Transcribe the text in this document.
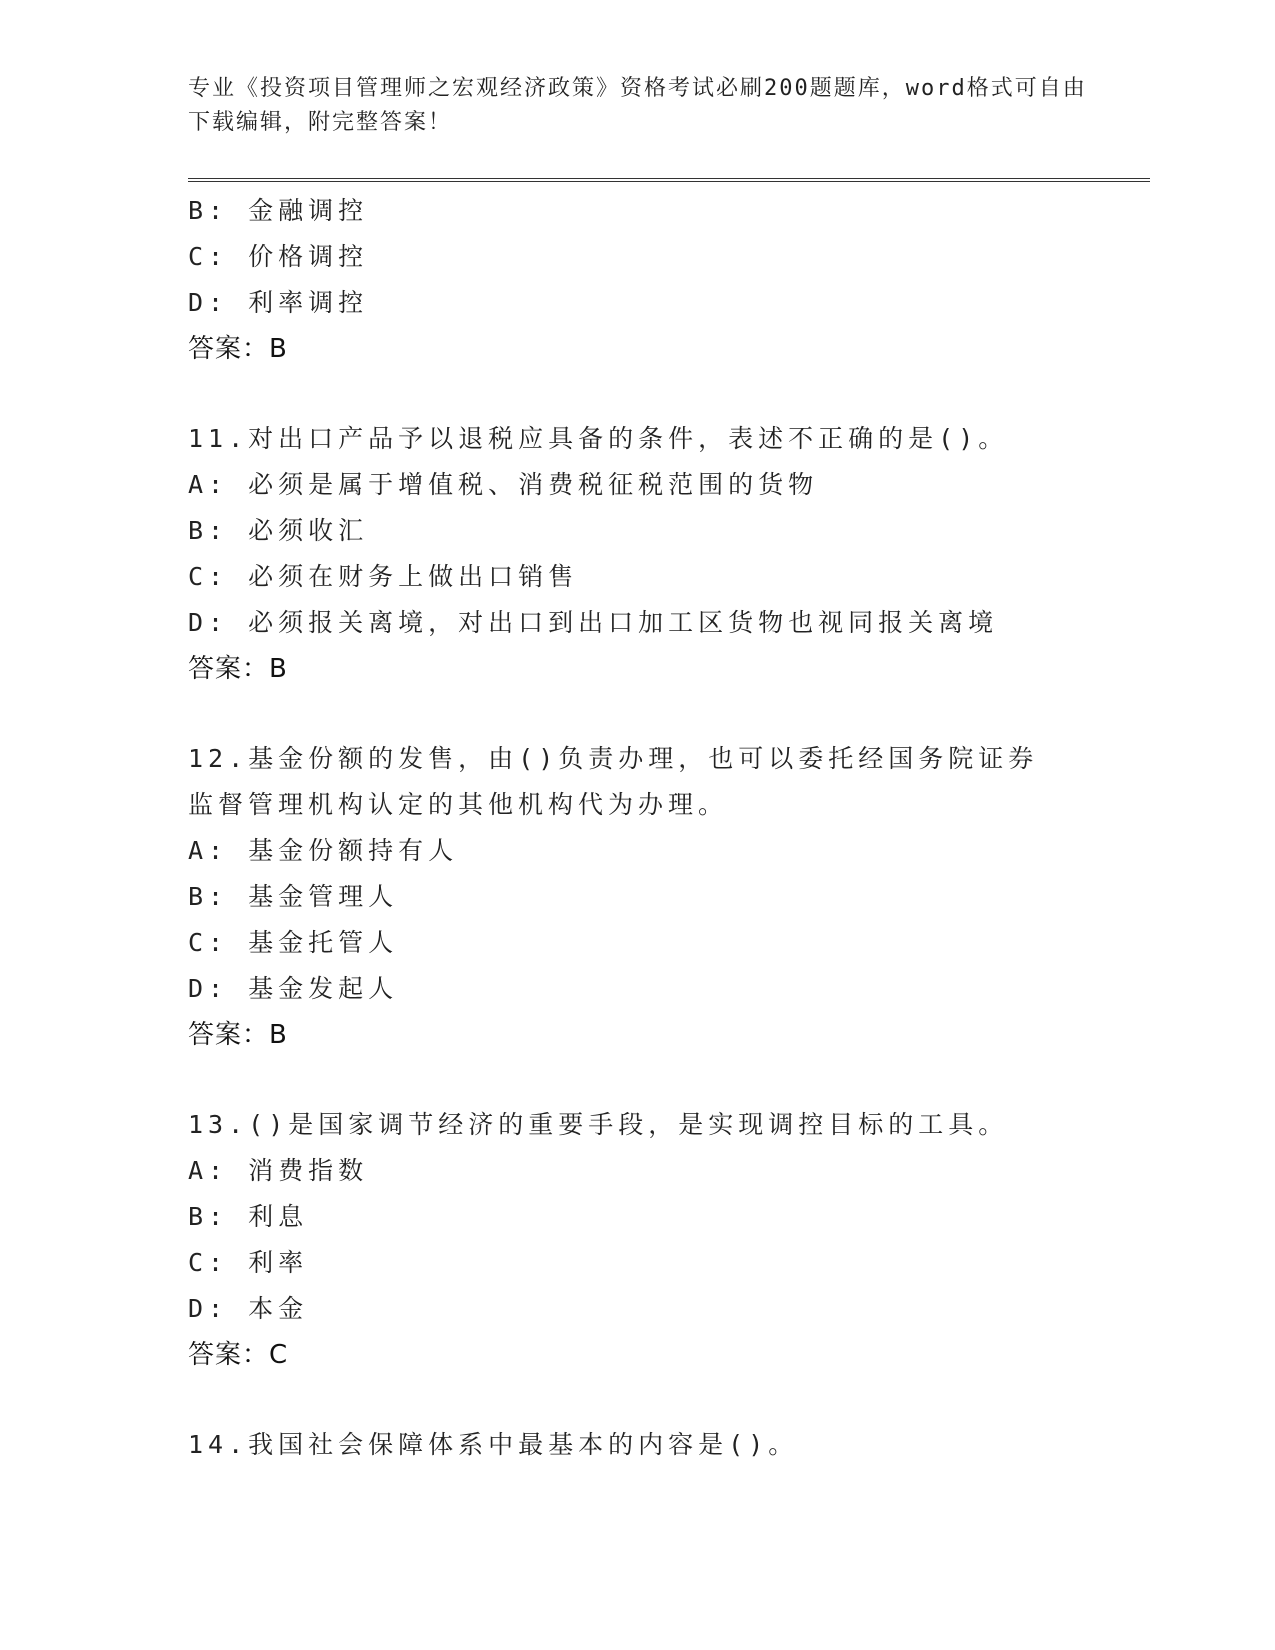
专业《投资项目管理师之宏观经济政策》资格考试必刷200题题库，word格式可自由下载编辑，附完整答案！
B: 金融调控
C: 价格调控
D: 利率调控
答案：B
11.对出口产品予以退税应具备的条件，表述不正确的是()。
A: 必须是属于增值税、消费税征税范围的货物
B: 必须收汇
C: 必须在财务上做出口销售
D: 必须报关离境，对出口到出口加工区货物也视同报关离境
答案：B
12.基金份额的发售，由()负责办理，也可以委托经国务院证券监督管理机构认定的其他机构代为办理。
A: 基金份额持有人
B: 基金管理人
C: 基金托管人
D: 基金发起人
答案：B
13.()是国家调节经济的重要手段，是实现调控目标的工具。
A: 消费指数
B: 利息
C: 利率
D: 本金
答案：C
14.我国社会保障体系中最基本的内容是()。
